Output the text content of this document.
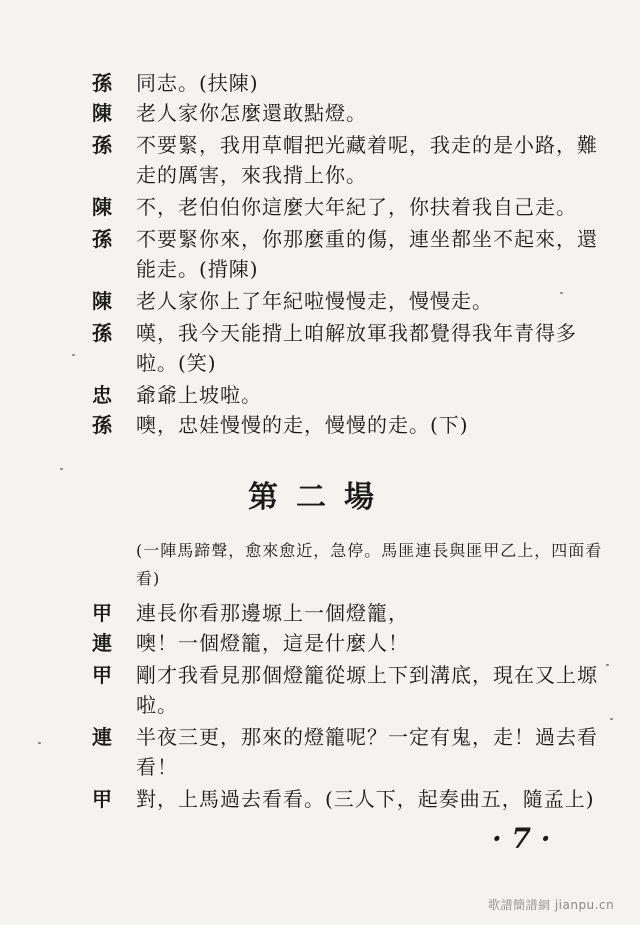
孫 同志。(扶陳)
陳 老人家你怎麼還敢點燈。
孫 不要緊，我用草帽把光藏着呢，我走的是小路，難
走的厲害，來我揹上你。
陳 不，老伯伯你這麼大年紀了，你扶着我自己走。
孫 不要緊你來，你那麼重的傷，連坐都坐不起來，還
能走。(揹陳)
陳 老人家你上了年紀啦慢慢走，慢慢走。
孫 嘆，我今天能揹上咱解放軍我都覺得我年青得多
啦。(笑)
忠 爺爺上坡啦。
孫 噢，忠娃慢慢的走，慢慢的走。(下)
第二場
(一陣馬蹄聲，愈來愈近，急停。馬匪連長與匪甲乙上，四面看
看)
甲 連長你看那邊塬上一個燈籠，
連 噢！一個燈籠，這是什麼人！
甲 剛才我看見那個燈籠從塬上下到溝底，現在又上塬
啦。
連 半夜三更，那來的燈籠呢？一定有鬼，走！過去看
看！
甲 對，上馬過去看看。(三人下，起奏曲五，隨孟上)
· 7 ·
歌譜簡譜網 jianpu.cn
